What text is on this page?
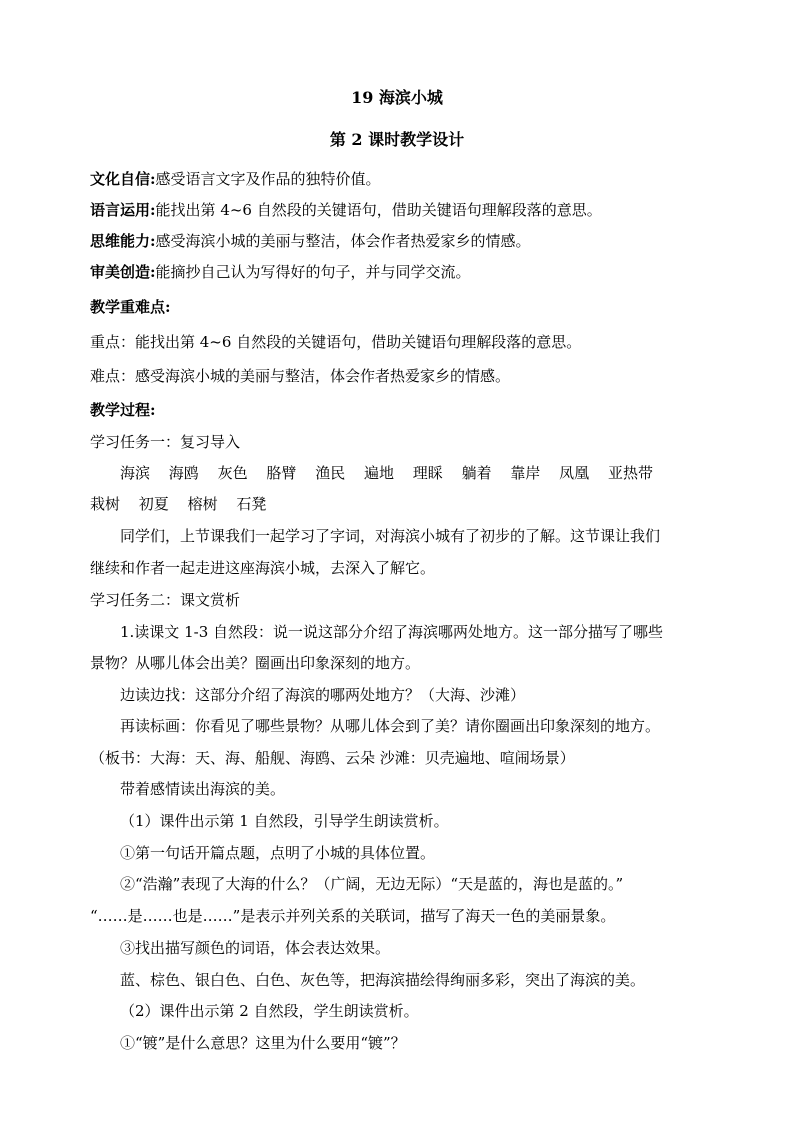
19 海滨小城
第 2 课时教学设计
文化自信:感受语言文字及作品的独特价值。
语言运用:能找出第 4~6 自然段的关键语句，借助关键语句理解段落的意思。
思维能力:感受海滨小城的美丽与整洁，体会作者热爱家乡的情感。
审美创造:能摘抄自己认为写得好的句子，并与同学交流。
教学重难点:
重点：能找出第 4~6 自然段的关键语句，借助关键语句理解段落的意思。
难点：感受海滨小城的美丽与整洁，体会作者热爱家乡的情感。
教学过程:
学习任务一：复习导入
海滨 海鸥 灰色 胳臂 渔民 遍地 理睬 躺着 靠岸 凤凰 亚热带
栽树 初夏 榕树 石凳
同学们，上节课我们一起学习了字词，对海滨小城有了初步的了解。这节课让我们
继续和作者一起走进这座海滨小城，去深入了解它。
学习任务二：课文赏析
1.读课文 1-3 自然段：说一说这部分介绍了海滨哪两处地方。这一部分描写了哪些
景物？从哪儿体会出美？圈画出印象深刻的地方。
边读边找：这部分介绍了海滨的哪两处地方？（大海、沙滩）
再读标画：你看见了哪些景物？从哪儿体会到了美？请你圈画出印象深刻的地方。
（板书：大海：天、海、船舰、海鸥、云朵 沙滩：贝壳遍地、喧闹场景）
带着感情读出海滨的美。
（1）课件出示第 1 自然段，引导学生朗读赏析。
①第一句话开篇点题，点明了小城的具体位置。
②“浩瀚”表现了大海的什么？（广阔，无边无际）“天是蓝的，海也是蓝的。”
“……是……也是……”是表示并列关系的关联词，描写了海天一色的美丽景象。
③找出描写颜色的词语，体会表达效果。
蓝、棕色、银白色、白色、灰色等，把海滨描绘得绚丽多彩，突出了海滨的美。
（2）课件出示第 2 自然段，学生朗读赏析。
①“镀”是什么意思？这里为什么要用“镀”？
